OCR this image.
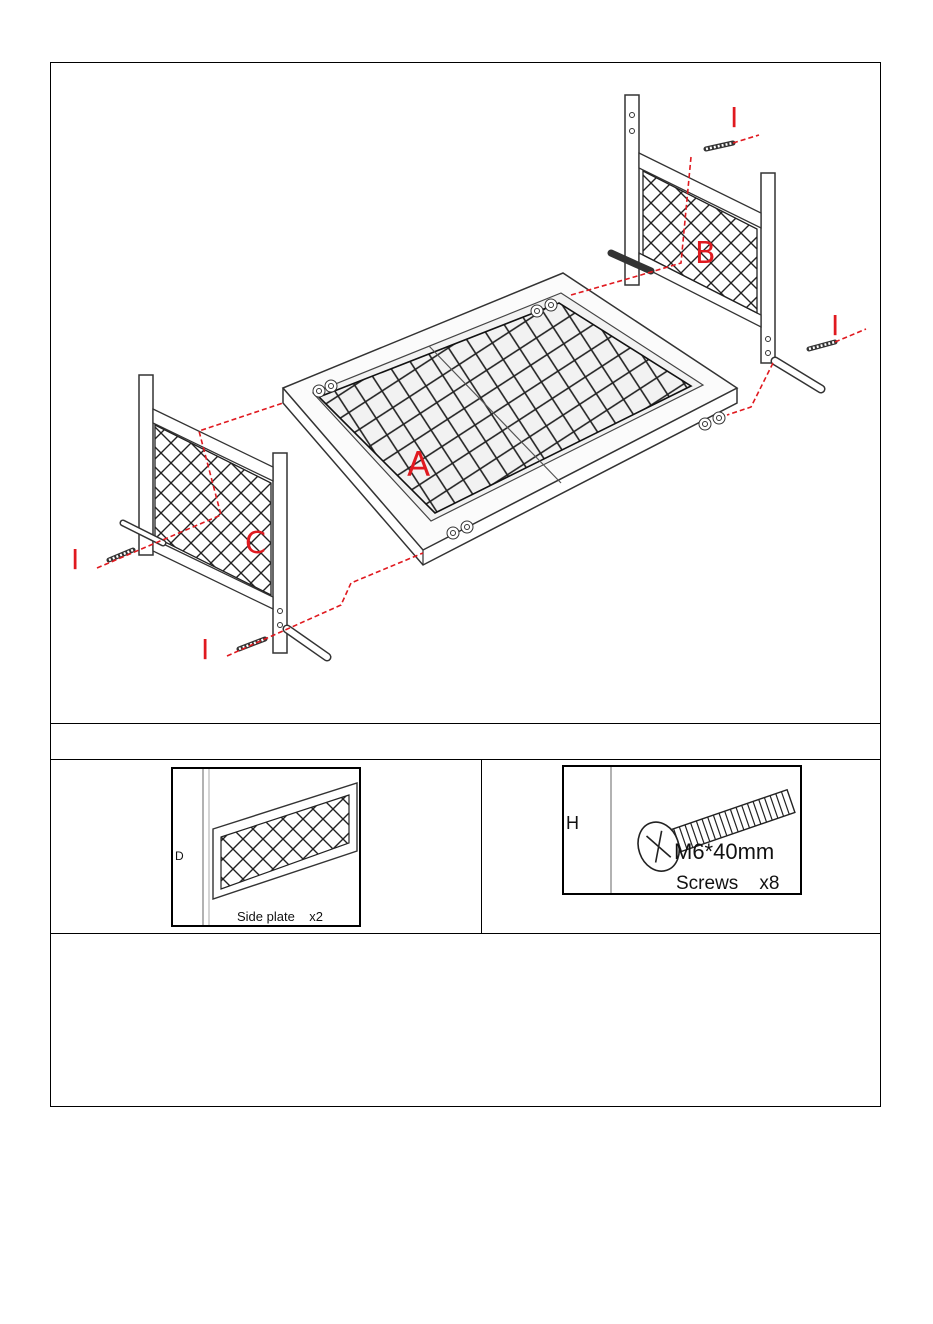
A
B
C
I
I
I
I
D
Side plate    x2
H
M6*40mm
Screws    x8
